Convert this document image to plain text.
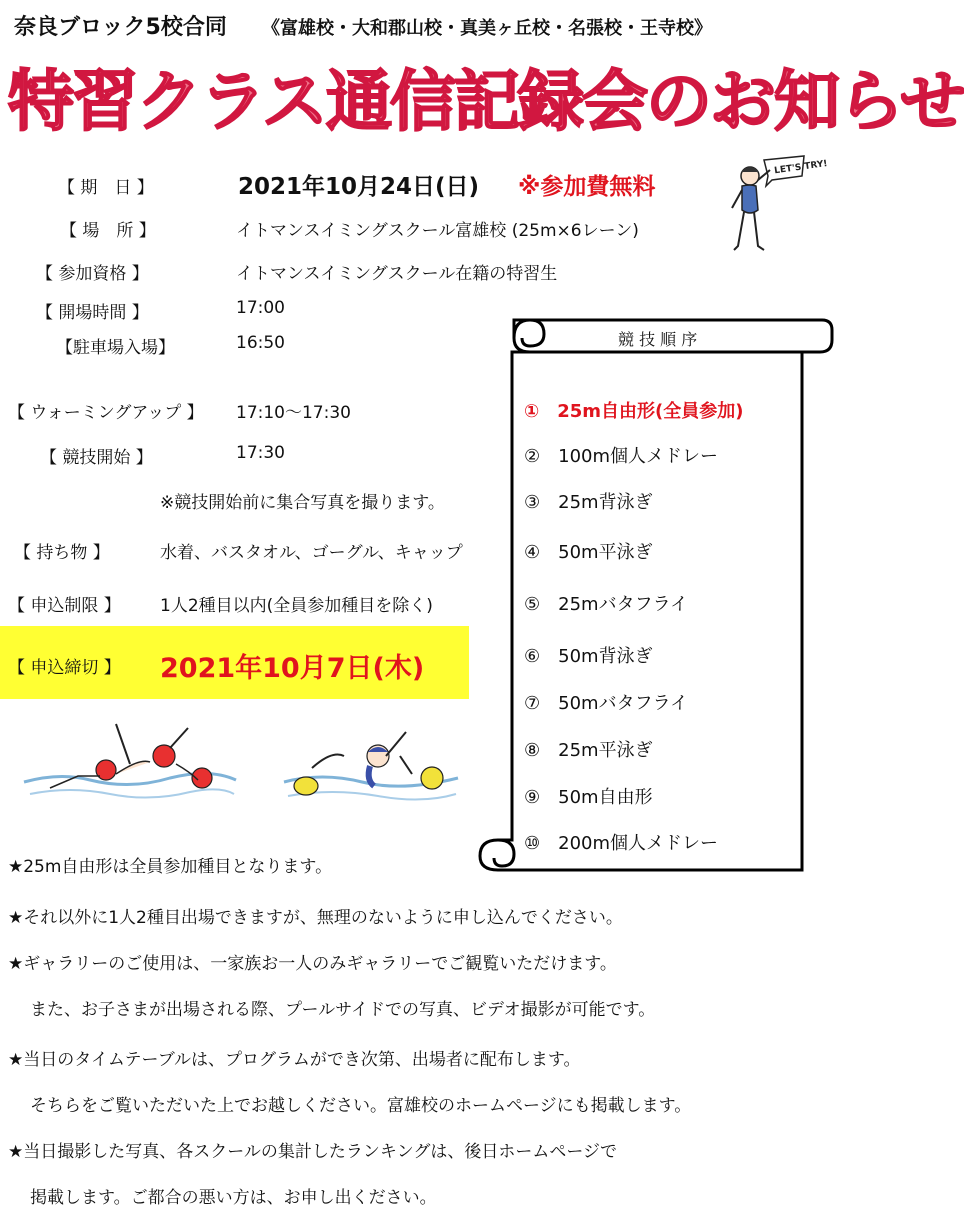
奈良ブロック5校合同 《富雄校・大和郡山校・真美ヶ丘校・名張校・王寺校》
特習クラス通信記録会のお知らせ
LET'S TRY!
【 期　日 】	2021年10月24日(日) ※参加費無料
【 場　所 】	イトマンスイミングスクール富雄校 (25m×6レーン)
【 参加資格 】	イトマンスイミングスクール在籍の特習生
【 開場時間 】	17:00
【駐車場入場】	16:50
【 ウォーミングアップ 】 17:10～17:30
【 競技開始 】	17:30
※競技開始前に集合写真を撮ります。
【 持ち物 】	水着、バスタオル、ゴーグル、キャップ
【 申込制限 】 1人2種目以内(全員参加種目を除く)
【 申込締切 】 2021年10月7日(木)
競 技 順 序
①　25m自由形(全員参加)
②　100m個人メドレー
③　25m背泳ぎ
④　50m平泳ぎ
⑤　25mバタフライ
⑥　50m背泳ぎ
⑦　50mバタフライ
⑧　25m平泳ぎ
⑨　50m自由形
⑩　200m個人メドレー
★25m自由形は全員参加種目となります。
★それ以外に1人2種目出場できますが、無理のないように申し込んでください。
★ギャラリーのご使用は、一家族お一人のみギャラリーでご観覧いただけます。
また、お子さまが出場される際、プールサイドでの写真、ビデオ撮影が可能です。
★当日のタイムテーブルは、プログラムができ次第、出場者に配布します。
そちらをご覧いただいた上でお越しください。富雄校のホームページにも掲載します。
★当日撮影した写真、各スクールの集計したランキングは、後日ホームページで
掲載します。ご都合の悪い方は、お申し出ください。
